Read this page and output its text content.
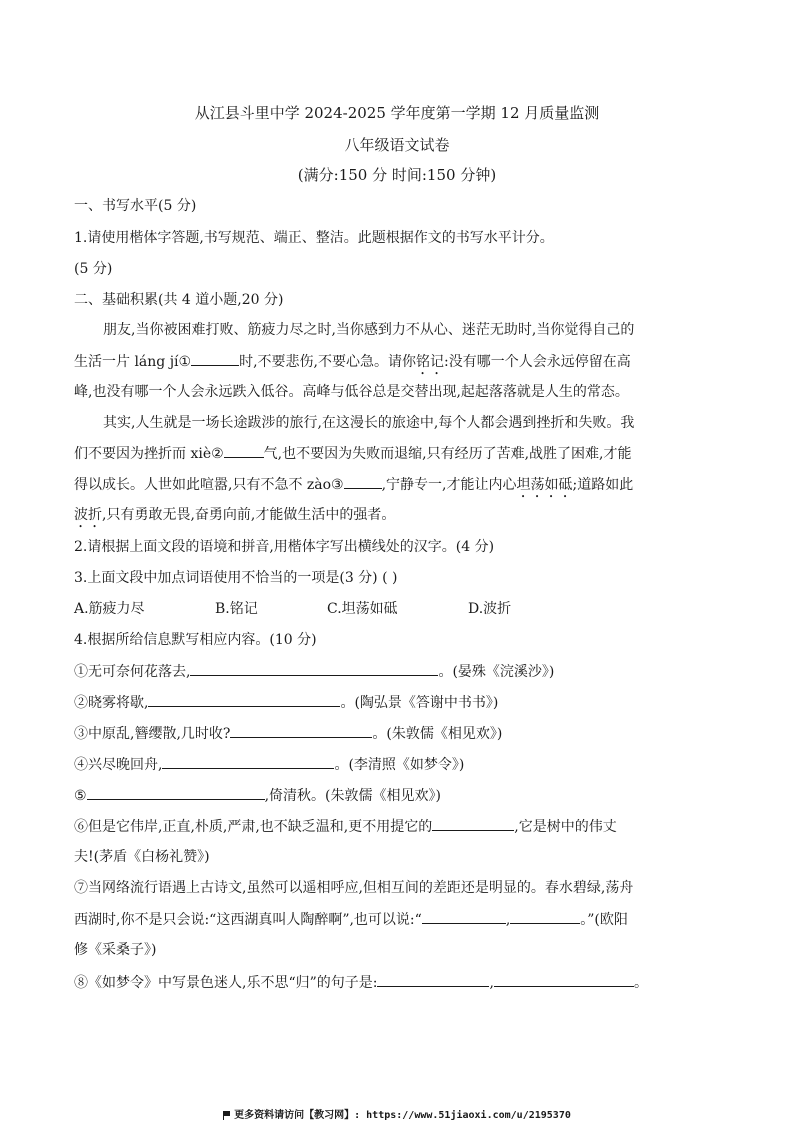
从江县斗里中学 2024-2025 学年度第一学期 12 月质量监测
八年级语文试卷
(满分:150 分 时间:150 分钟)
一、书写水平(5 分)
1.请使用楷体字答题,书写规范、端正、整洁。此题根据作文的书写水平计分。
(5 分)
二、基础积累(共 4 道小题,20 分)
朋友,当你被困难打败、筋疲力尽之时,当你感到力不从心、迷茫无助时,当你觉得自己的
生活一片 láng jí①	时,不要悲伤,不要心急。请你铭记:没有哪一个人会永远停留在高
峰,也没有哪一个人会永远跌入低谷。高峰与低谷总是交替出现,起起落落就是人生的常态。
其实,人生就是一场长途跋涉的旅行,在这漫长的旅途中,每个人都会遇到挫折和失败。我
们不要因为挫折而 xiè②	气,也不要因为失败而退缩,只有经历了苦难,战胜了困难,才能
得以成长。人世如此喧嚣,只有不急不 zào③	,宁静专一,才能让内心坦荡如砥;道路如此
波折,只有勇敢无畏,奋勇向前,才能做生活中的强者。
2.请根据上面文段的语境和拼音,用楷体字写出横线处的汉字。(4 分)
3.上面文段中加点词语使用不恰当的一项是(3 分) ( )
A.筋疲力尽	B.铭记	C.坦荡如砥	D.波折
4.根据所给信息默写相应内容。(10 分)
①无可奈何花落去,	。(晏殊《浣溪沙》)
②晓雾将歇,	。(陶弘景《答谢中书书》)
③中原乱,簪缨散,几时收?	。(朱敦儒《相见欢》)
④兴尽晚回舟,	。(李清照《如梦令》)
⑤	,倚清秋。(朱敦儒《相见欢》)
⑥但是它伟岸,正直,朴质,严肃,也不缺乏温和,更不用提它的	,它是树中的伟丈
夫!(茅盾《白杨礼赞》)
⑦当网络流行语遇上古诗文,虽然可以遥相呼应,但相互间的差距还是明显的。春水碧绿,荡舟
西湖时,你不是只会说:“这西湖真叫人陶醉啊”,也可以说:“	,	。”(欧阳
修《采桑子》)
⑧《如梦令》中写景色迷人,乐不思“归”的句子是:	,	。
更多资料请访问【教习网】: https://www.51jiaoxi.com/u/2195370
